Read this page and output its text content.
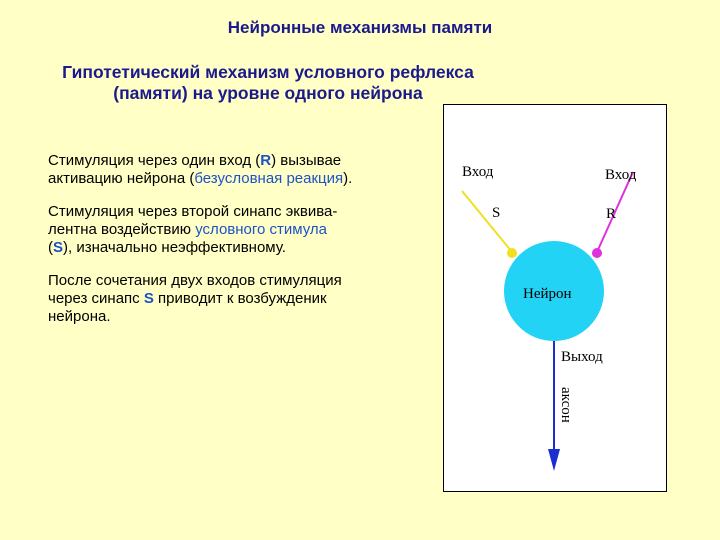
Нейронные механизмы памяти
Гипотетический механизм условного рефлекса
(памяти) на уровне одного нейрона
Стимуляция через один вход (R) вызывае
активацию нейрона (безусловная реакция).
Стимуляция через второй синапс эквива-
лентна воздействию условного стимула
(S), изначально неэффективному.
После сочетания двух входов стимуляция
через синапс S приводит к возбужденик
нейрона.
Вход	Вход
S	R
Нейрон
Выход
аксон
